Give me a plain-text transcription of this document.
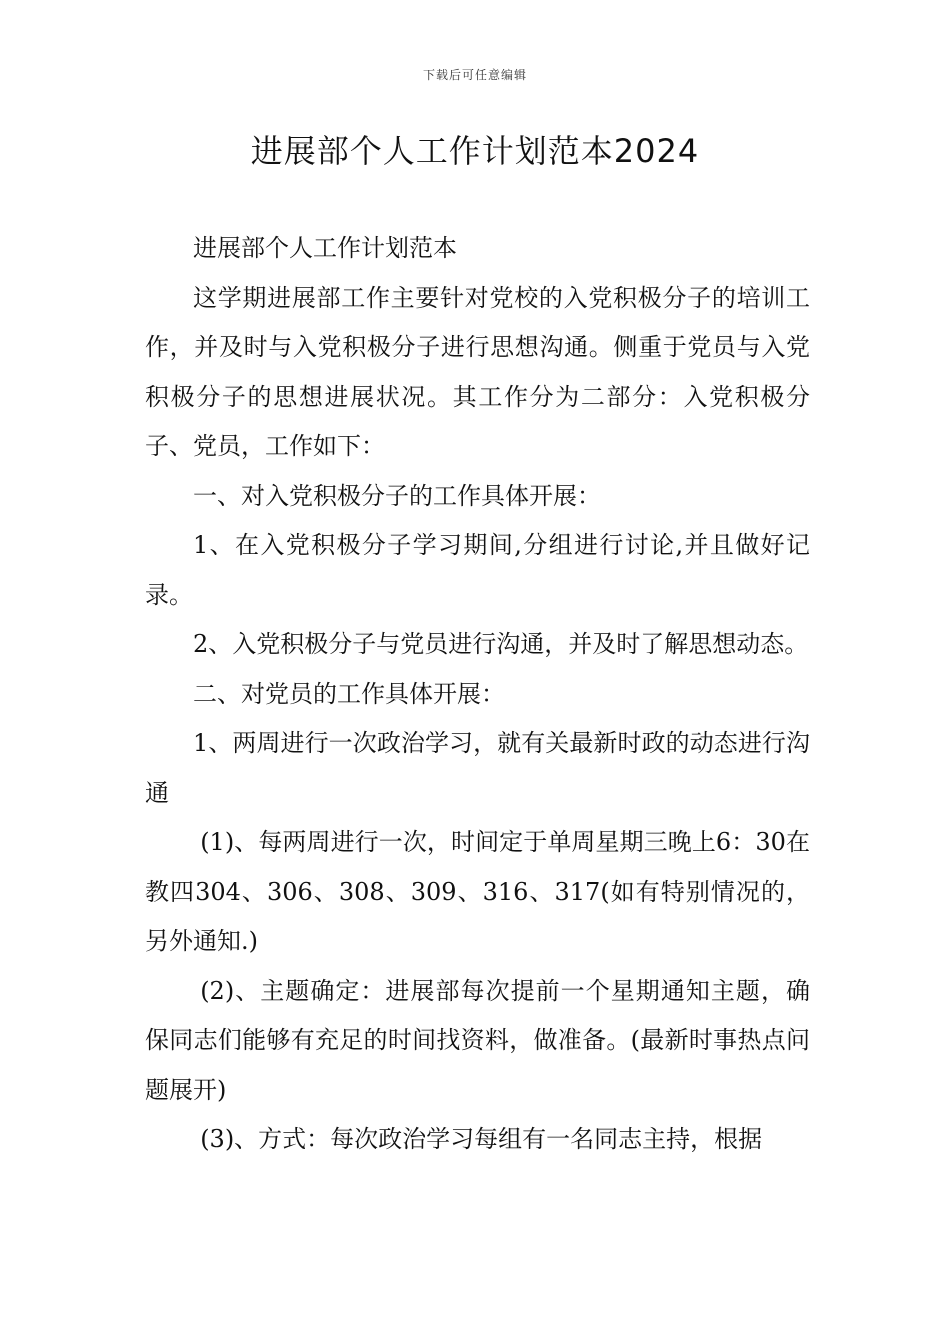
下载后可任意编辑
进展部个人工作计划范本2024

进展部个人工作计划范本

这学期进展部工作主要针对党校的入党积极分子的培训工作，并及时与入党积极分子进行思想沟通。侧重于党员与入党积极分子的思想进展状况。其工作分为二部分：入党积极分子、党员，工作如下：

一、对入党积极分子的工作具体开展：

1、在入党积极分子学习期间,分组进行讨论,并且做好记录。

2、入党积极分子与党员进行沟通，并及时了解思想动态。

二、对党员的工作具体开展：

1、两周进行一次政治学习，就有关最新时政的动态进行沟通

(1)、每两周进行一次，时间定于单周星期三晚上6：30在教四304、306、308、309、316、317(如有特别情况的，另外通知.)

(2)、主题确定：进展部每次提前一个星期通知主题，确保同志们能够有充足的时间找资料，做准备。(最新时事热点问题展开)

(3)、方式：每次政治学习每组有一名同志主持，根据
